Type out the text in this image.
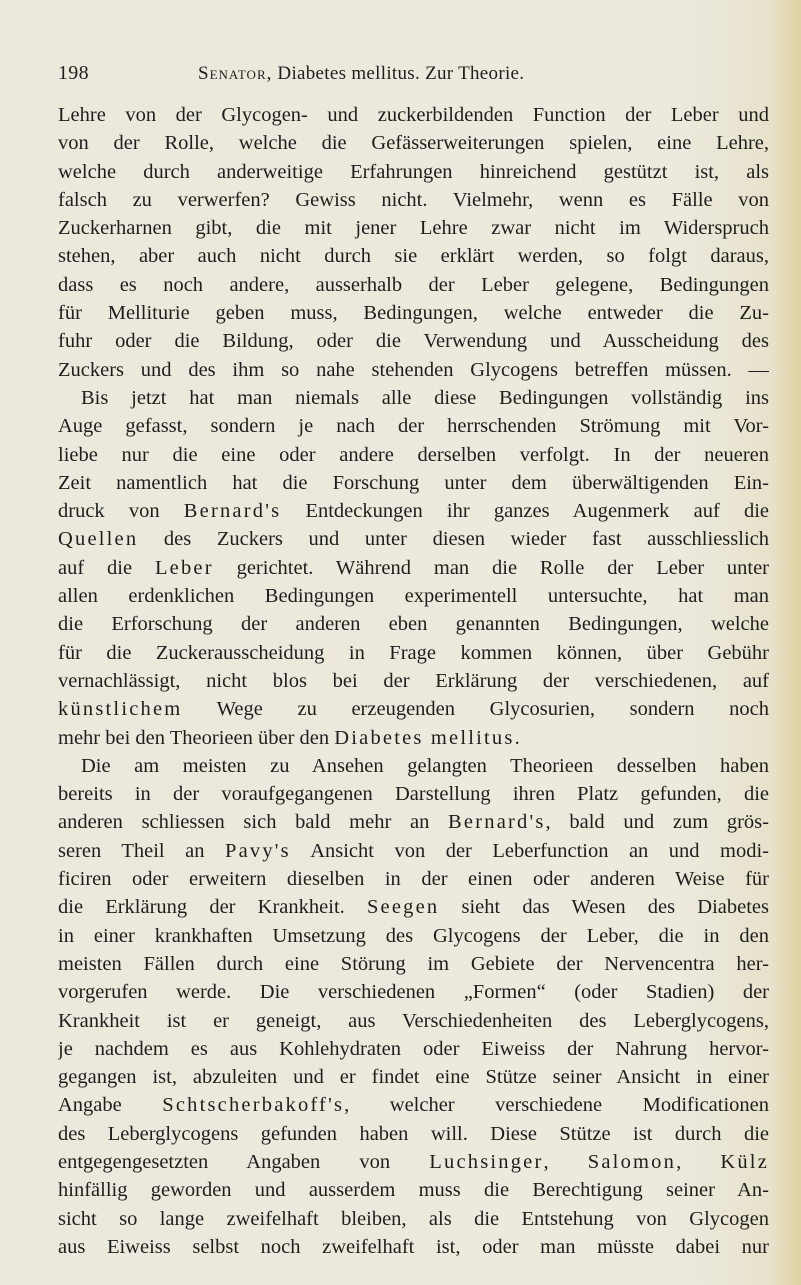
198	Senator, Diabetes mellitus. Zur Theorie.
Lehre von der Glycogen- und zuckerbildenden Function der Leber und
von der Rolle, welche die Gefässerweiterungen spielen, eine Lehre,
welche durch anderweitige Erfahrungen hinreichend gestützt ist, als
falsch zu verwerfen? Gewiss nicht. Vielmehr, wenn es Fälle von
Zuckerharnen gibt, die mit jener Lehre zwar nicht im Widerspruch
stehen, aber auch nicht durch sie erklärt werden, so folgt daraus,
dass es noch andere, ausserhalb der Leber gelegene, Bedingungen
für Melliturie geben muss, Bedingungen, welche entweder die Zu-
fuhr oder die Bildung, oder die Verwendung und Ausscheidung des
Zuckers und des ihm so nahe stehenden Glycogens betreffen müssen. —
Bis jetzt hat man niemals alle diese Bedingungen vollständig ins
Auge gefasst, sondern je nach der herrschenden Strömung mit Vor-
liebe nur die eine oder andere derselben verfolgt. In der neueren
Zeit namentlich hat die Forschung unter dem überwältigenden Ein-
druck von Bernard's Entdeckungen ihr ganzes Augenmerk auf die
Quellen des Zuckers und unter diesen wieder fast ausschliesslich
auf die Leber gerichtet. Während man die Rolle der Leber unter
allen erdenklichen Bedingungen experimentell untersuchte, hat man
die Erforschung der anderen eben genannten Bedingungen, welche
für die Zuckerausscheidung in Frage kommen können, über Gebühr
vernachlässigt, nicht blos bei der Erklärung der verschiedenen, auf
künstlichem Wege zu erzeugenden Glycosurien, sondern noch
mehr bei den Theorieen über den Diabetes mellitus.
Die am meisten zu Ansehen gelangten Theorieen desselben haben
bereits in der voraufgegangenen Darstellung ihren Platz gefunden, die
anderen schliessen sich bald mehr an Bernard's, bald und zum grös-
seren Theil an Pavy's Ansicht von der Leberfunction an und modi-
ficiren oder erweitern dieselben in der einen oder anderen Weise für
die Erklärung der Krankheit. Seegen sieht das Wesen des Diabetes
in einer krankhaften Umsetzung des Glycogens der Leber, die in den
meisten Fällen durch eine Störung im Gebiete der Nervencentra her-
vorgerufen werde. Die verschiedenen „Formen“ (oder Stadien) der
Krankheit ist er geneigt, aus Verschiedenheiten des Leberglycogens,
je nachdem es aus Kohlehydraten oder Eiweiss der Nahrung hervor-
gegangen ist, abzuleiten und er findet eine Stütze seiner Ansicht in einer
Angabe Schtscherbakoff's, welcher verschiedene Modificationen
des Leberglycogens gefunden haben will. Diese Stütze ist durch die
entgegengesetzten Angaben von Luchsinger, Salomon, Külz
hinfällig geworden und ausserdem muss die Berechtigung seiner An-
sicht so lange zweifelhaft bleiben, als die Entstehung von Glycogen
aus Eiweiss selbst noch zweifelhaft ist, oder man müsste dabei nur
